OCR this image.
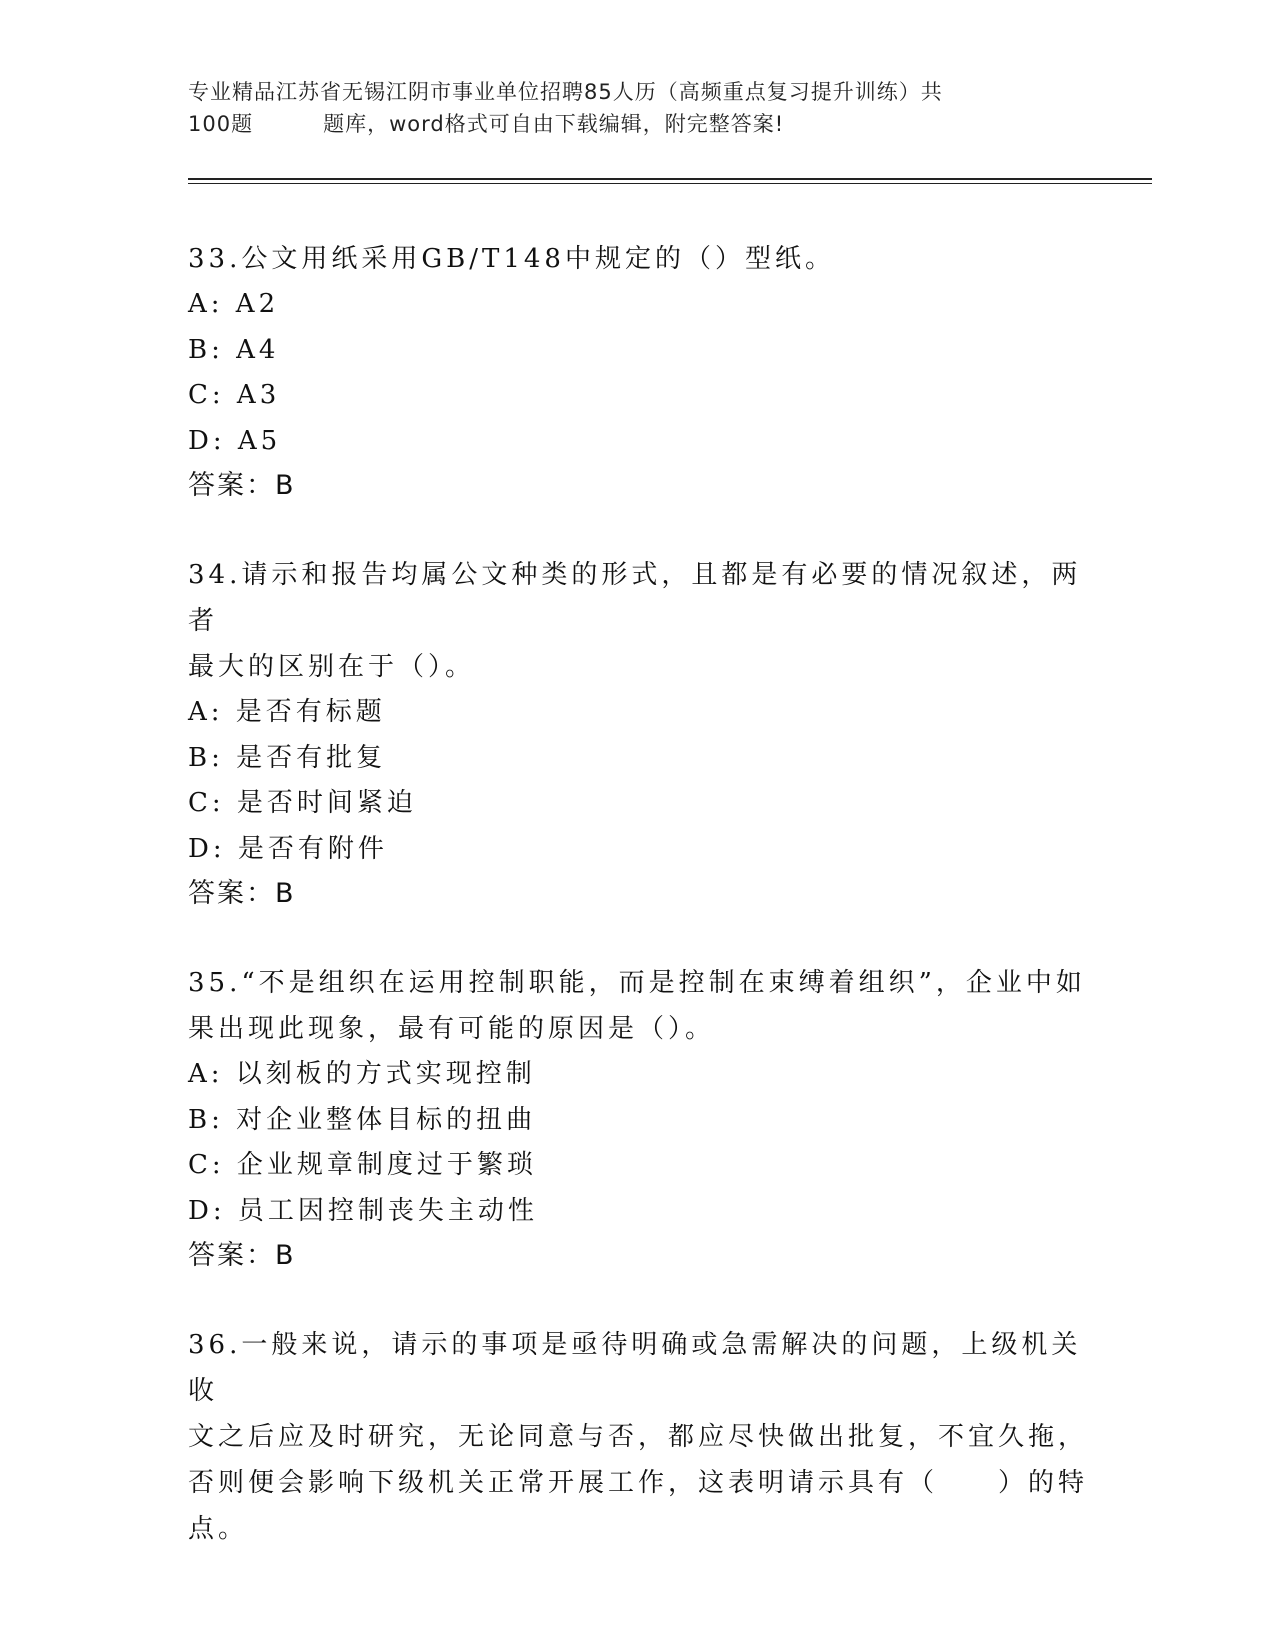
专业精品江苏省无锡江阴市事业单位招聘85人历（高频重点复习提升训练）共
100题	题库，word格式可自由下载编辑，附完整答案!

33.公文用纸采用GB/T148中规定的（）型纸。

A: A2

B: A4

C: A3

D: A5

答案：B

34.请示和报告均属公文种类的形式，且都是有必要的情况叙述，两者

最大的区别在于（）。

A: 是否有标题

B: 是否有批复

C: 是否时间紧迫

D: 是否有附件

答案：B

35.“不是组织在运用控制职能，而是控制在束缚着组织”，企业中如

果出现此现象，最有可能的原因是（）。

A: 以刻板的方式实现控制

B: 对企业整体目标的扭曲

C: 企业规章制度过于繁琐

D: 员工因控制丧失主动性

答案：B

36.一般来说，请示的事项是亟待明确或急需解决的问题，上级机关收

文之后应及时研究，无论同意与否，都应尽快做出批复，不宜久拖，

否则便会影响下级机关正常开展工作，这表明请示具有（　　）的特

点。
